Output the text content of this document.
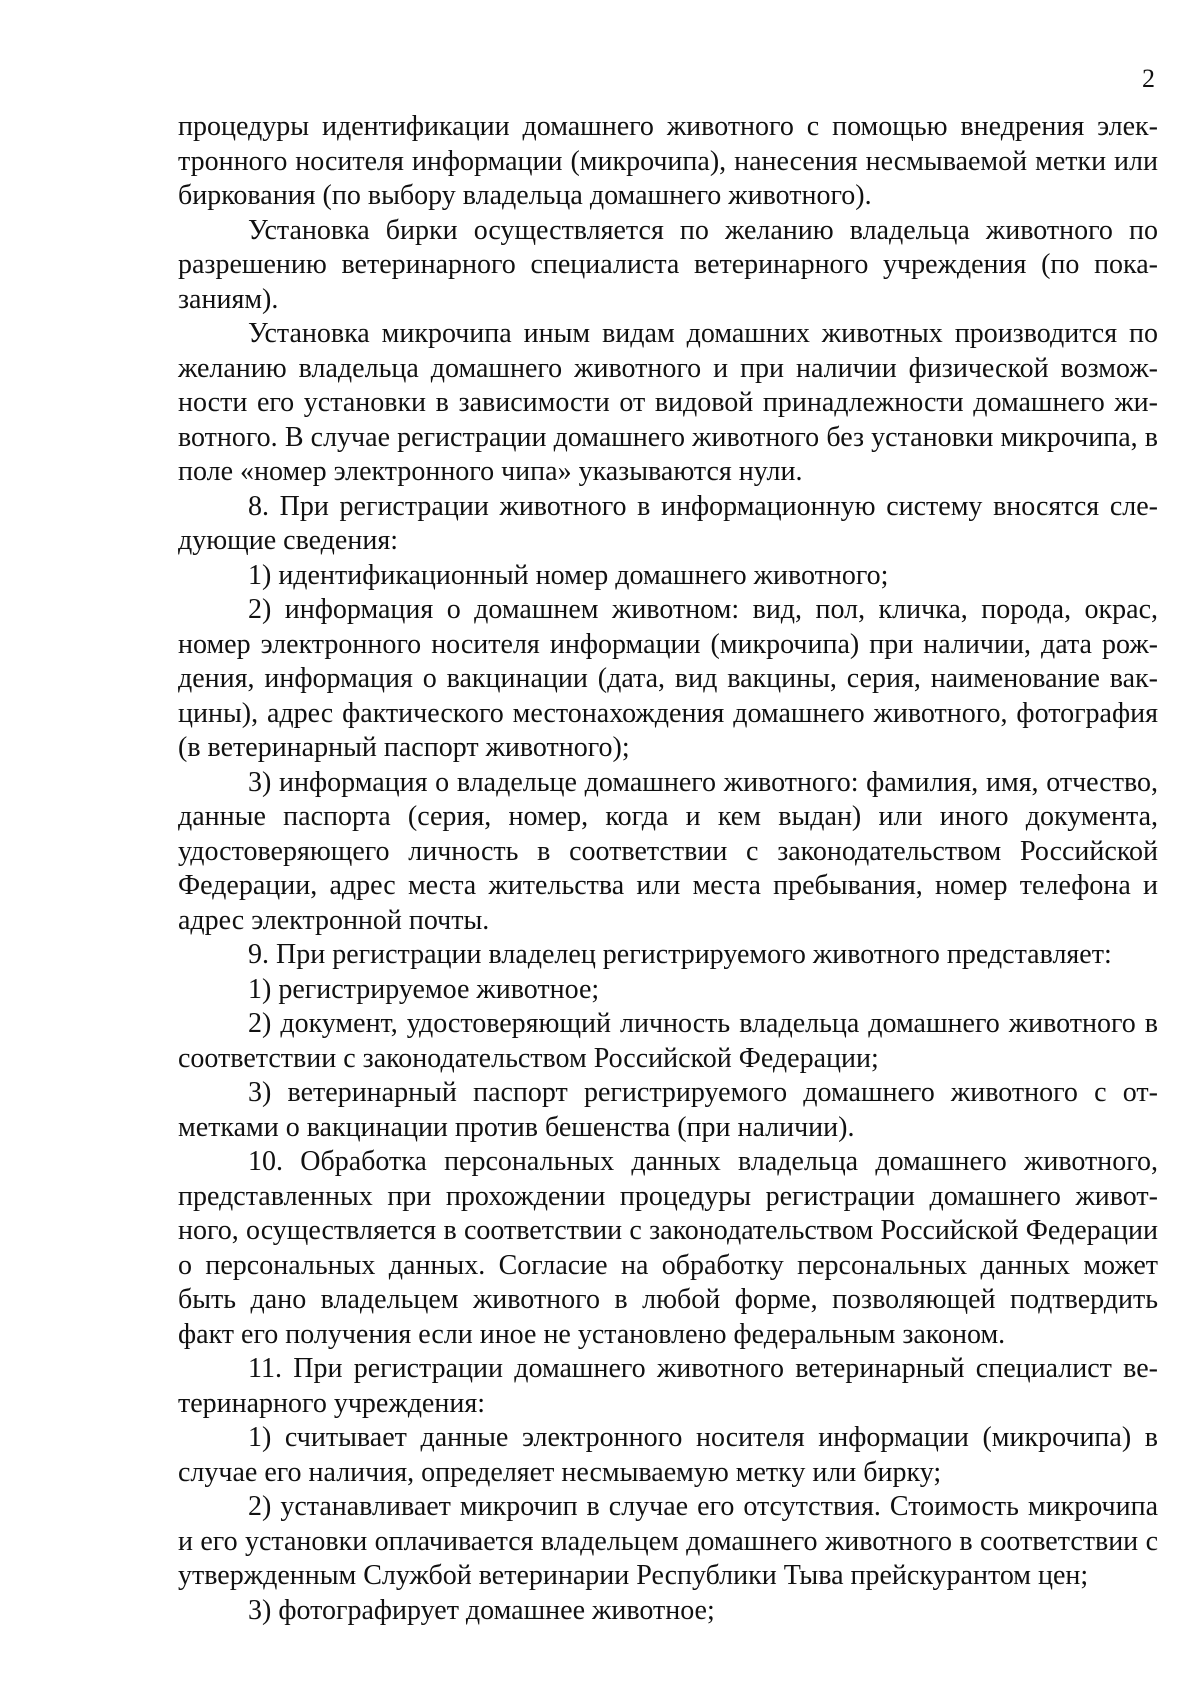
2

процедуры идентификации домашнего животного с помощью внедрения электронного носителя информации (микрочипа), нанесения несмываемой метки или биркования (по выбору владельца домашнего животного).

Установка бирки осуществляется по желанию владельца животного по разрешению ветеринарного специалиста ветеринарного учреждения (по показаниям).

Установка микрочипа иным видам домашних животных производится по желанию владельца домашнего животного и при наличии физической возможности его установки в зависимости от видовой принадлежности домашнего животного. В случае регистрации домашнего животного без установки микрочипа, в поле «номер электронного чипа» указываются нули.

8. При регистрации животного в информационную систему вносятся следующие сведения:

1) идентификационный номер домашнего животного;

2) информация о домашнем животном: вид, пол, кличка, порода, окрас, номер электронного носителя информации (микрочипа) при наличии, дата рождения, информация о вакцинации (дата, вид вакцины, серия, наименование вакцины), адрес фактического местонахождения домашнего животного, фотография (в ветеринарный паспорт животного);

3) информация о владельце домашнего животного: фамилия, имя, отчество, данные паспорта (серия, номер, когда и кем выдан) или иного документа, удостоверяющего личность в соответствии с законодательством Российской Федерации, адрес места жительства или места пребывания, номер телефона и адрес электронной почты.

9. При регистрации владелец регистрируемого животного представляет:

1) регистрируемое животное;

2) документ, удостоверяющий личность владельца домашнего животного в соответствии с законодательством Российской Федерации;

3) ветеринарный паспорт регистрируемого домашнего животного с отметками о вакцинации против бешенства (при наличии).

10. Обработка персональных данных владельца домашнего животного, представленных при прохождении процедуры регистрации домашнего животного, осуществляется в соответствии с законодательством Российской Федерации о персональных данных. Согласие на обработку персональных данных может быть дано владельцем животного в любой форме, позволяющей подтвердить факт его получения если иное не установлено федеральным законом.

11. При регистрации домашнего животного ветеринарный специалист ветеринарного учреждения:

1) считывает данные электронного носителя информации (микрочипа) в случае его наличия, определяет несмываемую метку или бирку;

2) устанавливает микрочип в случае его отсутствия. Стоимость микрочипа и его установки оплачивается владельцем домашнего животного в соответствии с утвержденным Службой ветеринарии Республики Тыва прейскурантом цен;

3) фотографирует домашнее животное;
